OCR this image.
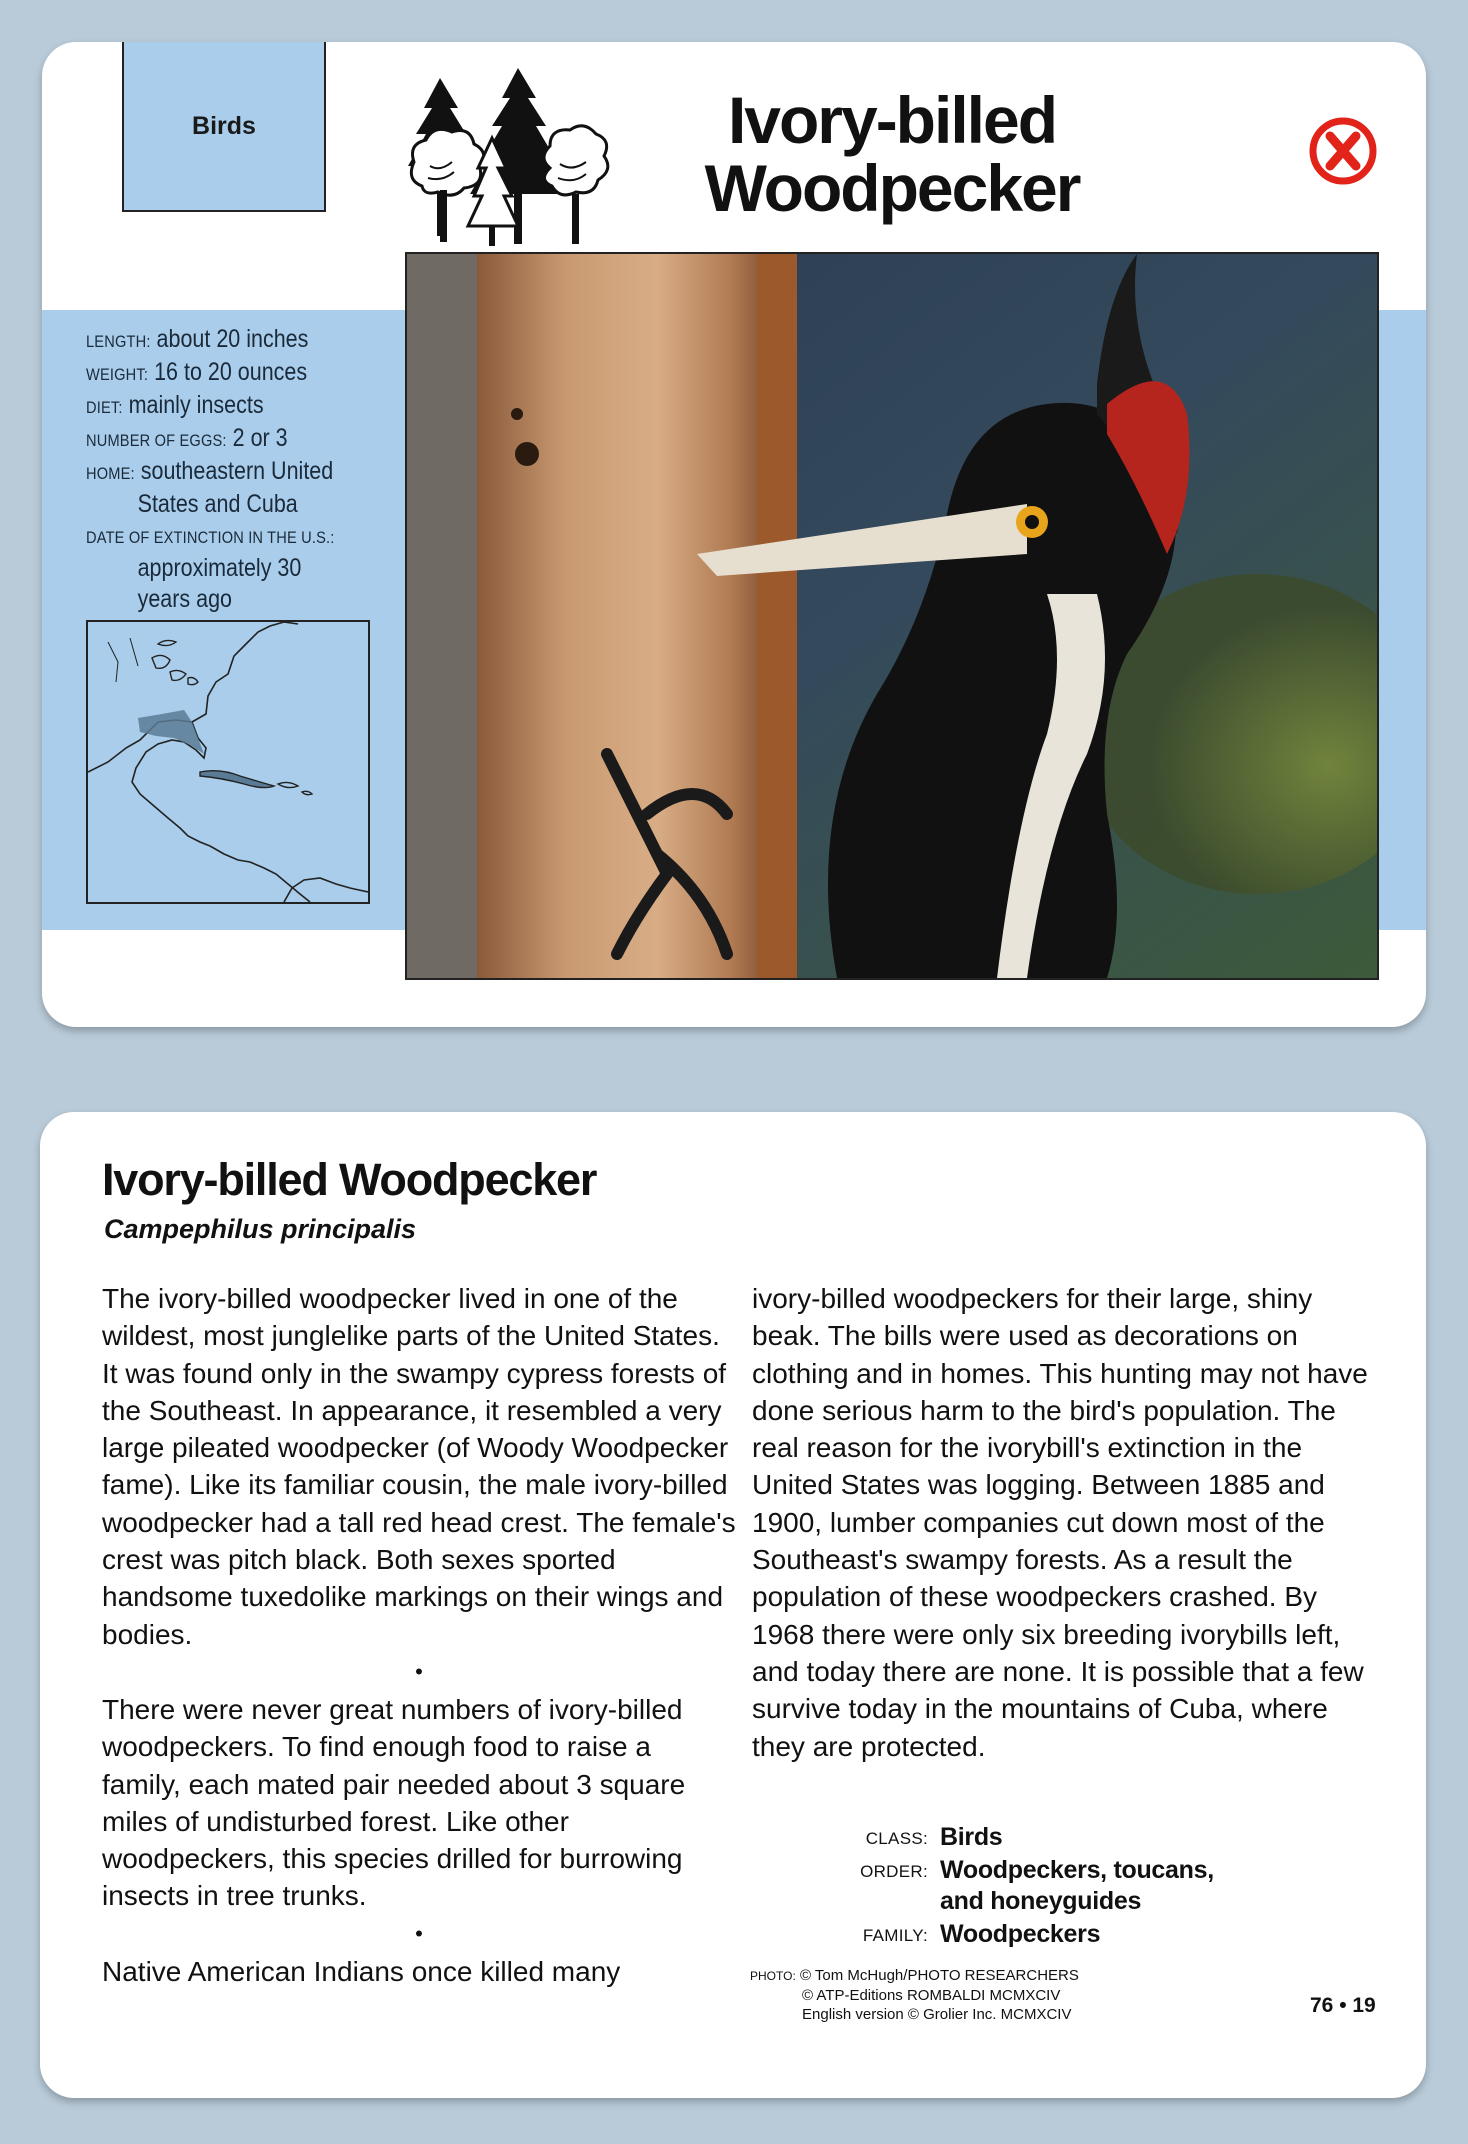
Birds	Ivory-billed
Woodpecker
LENGTH: about 20 inches
WEIGHT: 16 to 20 ounces
DIET: mainly insects
NUMBER OF EGGS: 2 or 3
HOME: southeastern United
States and Cuba
DATE OF EXTINCTION IN THE U.S.:
approximately 30
years ago
Ivory-billed Woodpecker
Campephilus principalis

The ivory-billed woodpecker lived in one of the wildest, most junglelike parts of the United States. It was found only in the swampy cypress forests of the Southeast. In appearance, it resembled a very large pileated woodpecker (of Woody Woodpecker fame). Like its familiar cousin, the male ivory-billed woodpecker had a tall red head crest. The female's crest was pitch black. Both sexes sported handsome tuxedolike markings on their wings and bodies.

•

There were never great numbers of ivory-billed woodpeckers. To find enough food to raise a family, each mated pair needed about 3 square miles of undisturbed forest. Like other woodpeckers, this species drilled for burrowing insects in tree trunks.

•

Native American Indians once killed many

ivory-billed woodpeckers for their large, shiny beak. The bills were used as decorations on clothing and in homes. This hunting may not have done serious harm to the bird's population. The real reason for the ivorybill's extinction in the United States was logging. Between 1885 and 1900, lumber companies cut down most of the Southeast's swampy forests. As a result the population of these woodpeckers crashed. By 1968 there were only six breeding ivorybills left, and today there are none. It is possible that a few survive today in the mountains of Cuba, where they are protected.

CLASS: Birds
ORDER: Woodpeckers, toucans, and honeyguides
FAMILY: Woodpeckers
PHOTO: © Tom McHugh/PHOTO RESEARCHERS
© ATP-Editions ROMBALDI MCMXCIV
English version © Grolier Inc. MCMXCIV	76 • 19
